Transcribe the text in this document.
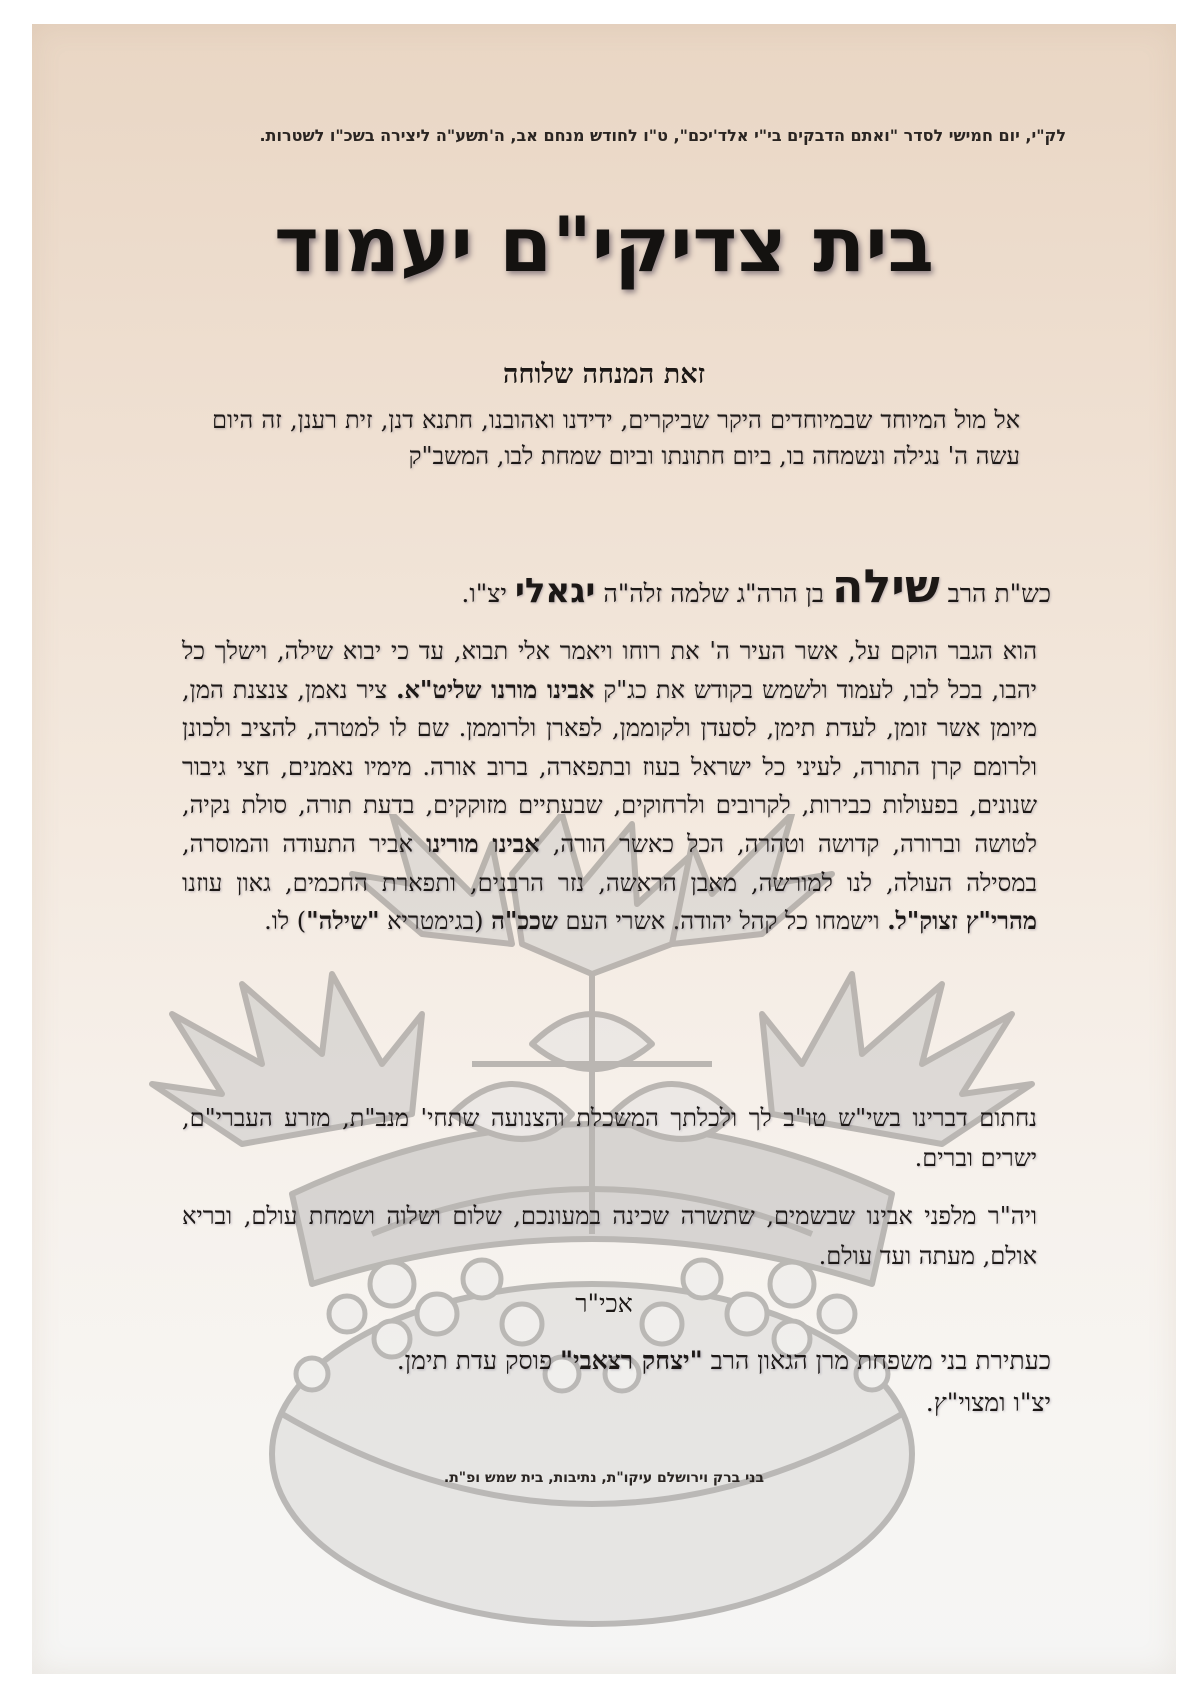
לק"י, יום חמישי לסדר "ואתם הדבקים בי"י אלד'יכם", ט"ו לחודש מנחם אב, ה'תשע"ה ליצירה בשכ"ו לשטרות.
בית צדיקי"ם יעמוד
זאת המנחה שלוחה
אל מול המיוחד שבמיוחדים היקר שביקרים, ידידנו ואהובנו, חתנא דנן, זית רענן, זה היום עשה ה' נגילה ונשמחה בו, ביום חתונתו וביום שמחת לבו, המשב"ק
כש"ת הרב שילה בן הרה"ג שלמה זלה"ה יגאלי יצ"ו.
הוא הגבר הוקם על, אשר העיר ה' את רוחו ויאמר אלי תבוא, עד כי יבוא שילה, וישלך כל יהבו, בכל לבו, לעמוד ולשמש בקודש את כג"ק אבינו מורנו שליט"א. ציר נאמן, צנצנת המן, מיומן אשר זומן, לעדת תימן, לסעדן ולקוממן, לפארן ולרוממן. שם לו למטרה, להציב ולכונן ולרומם קרן התורה, לעיני כל ישראל בעוז ובתפארה, ברוב אורה. מימיו נאמנים, חצי גיבור שנונים, בפעולות כבירות, לקרובים ולרחוקים, שבעתיים מזוקקים, בדעת תורה, סולת נקיה, לטושה וברורה, קדושה וטהרה, הכל כאשר הורה, אבינו מורינו אביר התעודה והמוסרה, במסילה העולה, לנו למורשה, מאבן הראשה, נזר הרבנים, ותפארת החכמים, גאון עוזנו מהרי"ץ זצוק"ל. וישמחו כל קהל יהודה. אשרי העם שככ"ה (בגימטריא "שילה") לו.
נחתום דברינו בשי"ש טו"ב לך ולכלתך המשכלת והצנועה שתחי' מנב"ת, מזרע העברי"ם, ישרים וברים.
ויה"ר מלפני אבינו שבשמים, שתשרה שכינה במעונכם, שלום ושלוה ושמחת עולם, ובריא אולם, מעתה ועד עולם.
אכי"ר
כעתירת בני משפחת מרן הגאון הרב "יצחק רצאבי" פוסק עדת תימן.
יצ"ו ומצוי"ץ.
בני ברק וירושלם עיקו"ת, נתיבות, בית שמש ופ"ת.
